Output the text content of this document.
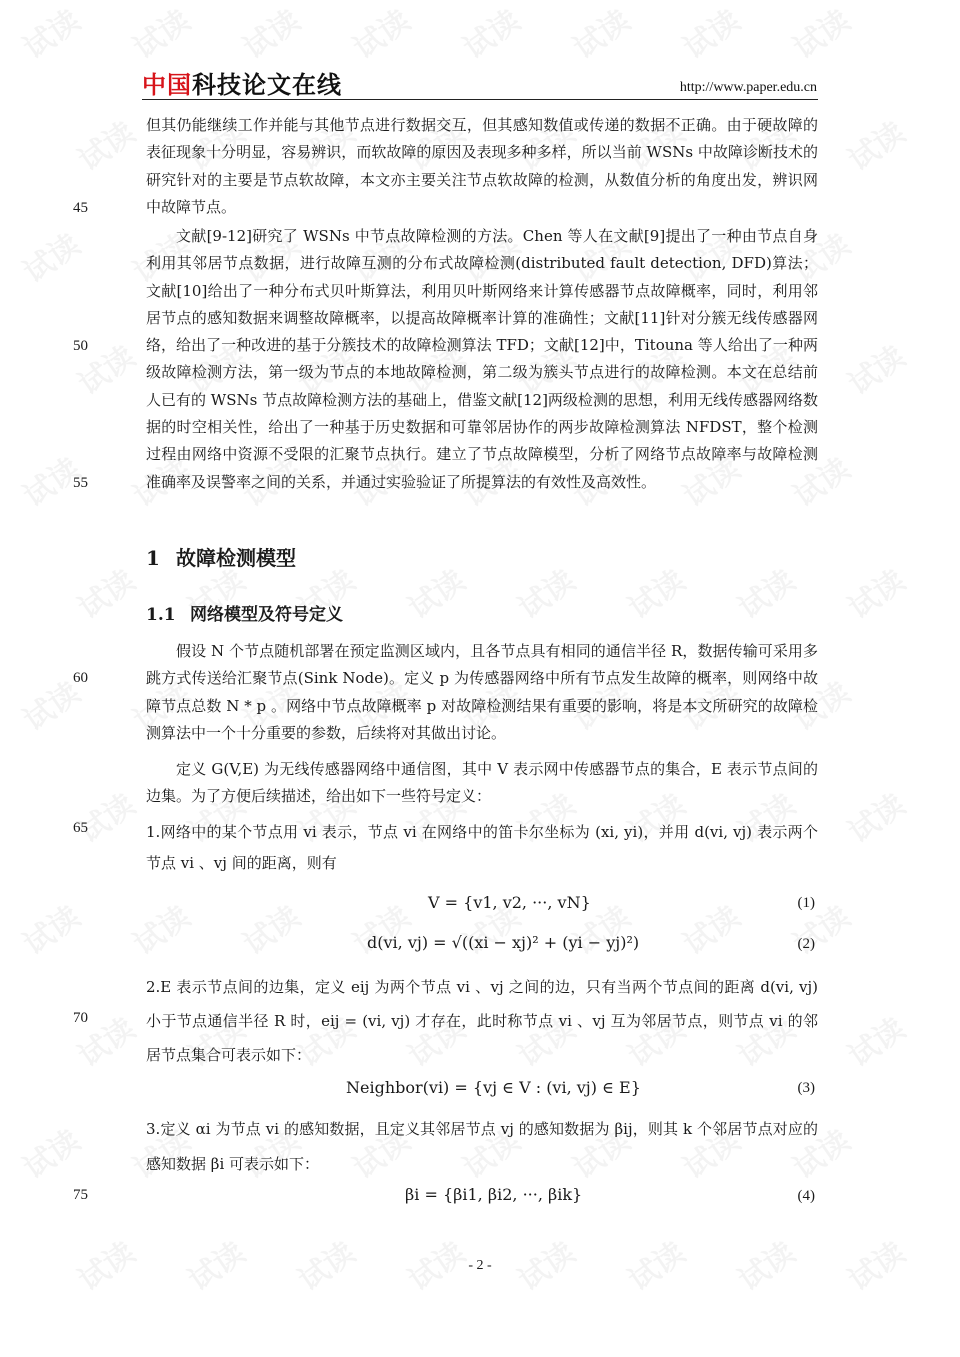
中国科技论文在线	http://www.paper.edu.cn
45
50
55
60
65
70
75

但其仍能继续工作并能与其他节点进行数据交互，但其感知数值或传递的数据不正确。由于硬故障的表征现象十分明显，容易辨识，而软故障的原因及表现多种多样，所以当前 WSNs 中故障诊断技术的研究针对的主要是节点软故障，本文亦主要关注节点软故障的检测，从数值分析的角度出发，辨识网中故障节点。

文献[9-12]研究了 WSNs 中节点故障检测的方法。Chen 等人在文献[9]提出了一种由节点自身利用其邻居节点数据，进行故障互测的分布式故障检测(distributed fault detection, DFD)算法；文献[10]给出了一种分布式贝叶斯算法，利用贝叶斯网络来计算传感器节点故障概率，同时，利用邻居节点的感知数据来调整故障概率，以提高故障概率计算的准确性；文献[11]针对分簇无线传感器网络，给出了一种改进的基于分簇技术的故障检测算法 TFD；文献[12]中，Titouna 等人给出了一种两级故障检测方法，第一级为节点的本地故障检测，第二级为簇头节点进行的故障检测。本文在总结前人已有的 WSNs 节点故障检测方法的基础上，借鉴文献[12]两级检测的思想，利用无线传感器网络数据的时空相关性，给出了一种基于历史数据和可靠邻居协作的两步故障检测算法 NFDST，整个检测过程由网络中资源不受限的汇聚节点执行。建立了节点故障模型，分析了网络节点故障率与故障检测准确率及误警率之间的关系，并通过实验验证了所提算法的有效性及高效性。

1 故障检测模型
1.1 网络模型及符号定义

假设 N 个节点随机部署在预定监测区域内，且各节点具有相同的通信半径 R，数据传输可采用多跳方式传送给汇聚节点(Sink Node)。定义 p 为传感器网络中所有节点发生故障的概率，则网络中故障节点总数 N * p 。网络中节点故障概率 p 对故障检测结果有重要的影响，将是本文所研究的故障检测算法中一个十分重要的参数，后续将对其做出讨论。

定义 G(V,E) 为无线传感器网络中通信图，其中 V 表示网中传感器节点的集合，E 表示节点间的边集。为了方便后续描述，给出如下一些符号定义：

1.网络中的某个节点用 vi 表示，节点 vi 在网络中的笛卡尔坐标为 (xi, yi)，并用 d(vi, vj) 表示两个节点 vi 、vj 间的距离，则有

V = {v1, v2, ···, vN}	(1)
d(vi, vj) = √((xi − xj)² + (yi − yj)²)	(2)

2.E 表示节点间的边集，定义 eij 为两个节点 vi 、vj 之间的边，只有当两个节点间的距离 d(vi, vj) 小于节点通信半径 R 时，eij = (vi, vj) 才存在，此时称节点 vi 、vj 互为邻居节点，则节点 vi 的邻居节点集合可表示如下：

Neighbor(vi) = {vj ∈ V : (vi, vj) ∈ E}	(3)

3.定义 αi 为节点 vi 的感知数据，且定义其邻居节点 vj 的感知数据为 βij，则其 k 个邻居节点对应的感知数据 βi 可表示如下：

βi = {βi1, βi2, ···, βik}	(4)
- 2 -
